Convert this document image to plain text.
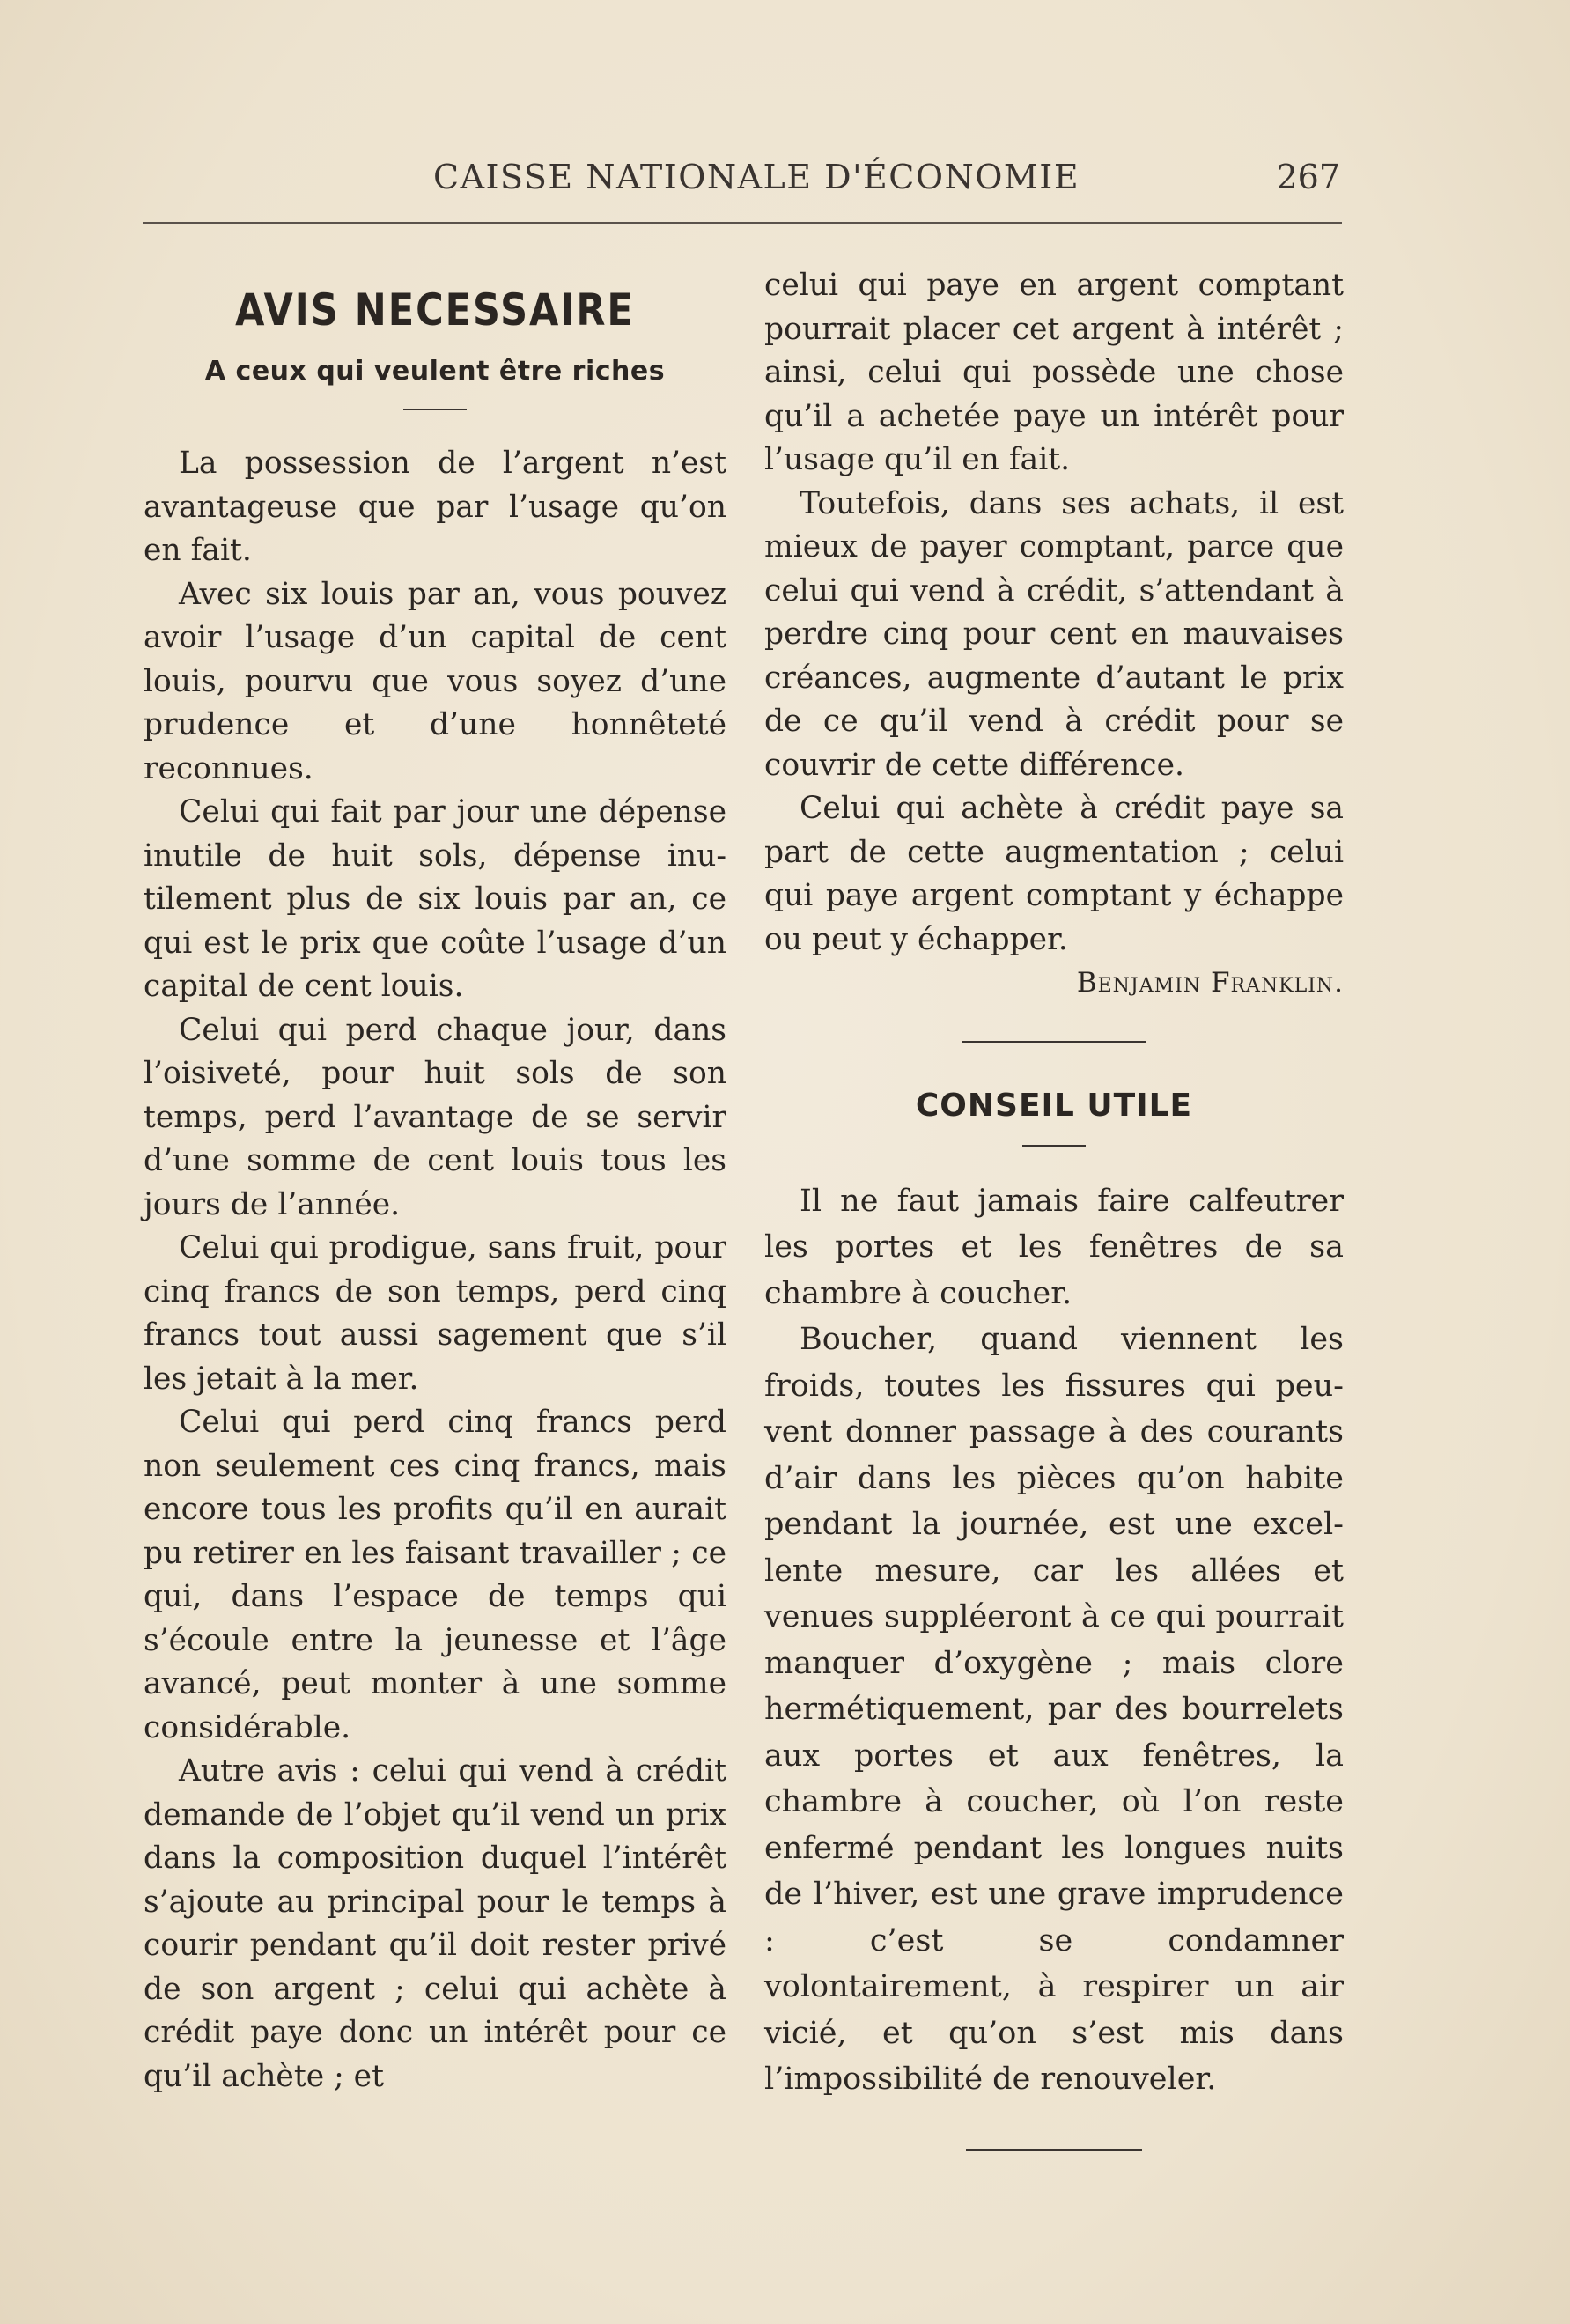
CAISSE NATIONALE D'ÉCONOMIE	267
AVIS NECESSAIRE
A ceux qui veulent être riches

La possession de l’argent n’est avantageuse que par l’usage qu’on en fait.

Avec six louis par an, vous pouvez avoir l’usage d’un capital de cent louis, pourvu que vous soyez d’une prudence et d’une honnêteté reconnues.

Celui qui fait par jour une dépense inutile de huit sols, dépense inutilement plus de six louis par an, ce qui est le prix que coûte l’usage d’un capital de cent louis.

Celui qui perd chaque jour, dans l’oisiveté, pour huit sols de son temps, perd l’avantage de se servir d’une somme de cent louis tous les jours de l’année.

Celui qui prodigue, sans fruit, pour cinq francs de son temps, perd cinq francs tout aussi sagement que s’il les jetait à la mer.

Celui qui perd cinq francs perd non seulement ces cinq francs, mais encore tous les profits qu’il en aurait pu retirer en les faisant travailler ; ce qui, dans l’espace de temps qui s’écoule entre la jeunesse et l’âge avancé, peut monter à une somme considérable.

Autre avis : celui qui vend à crédit demande de l’objet qu’il vend un prix dans la composition duquel l’intérêt s’ajoute au principal pour le temps à courir pendant qu’il doit rester privé de son argent ; celui qui achète à crédit paye donc un intérêt pour ce qu’il achète ; et

celui qui paye en argent comptant pourrait placer cet argent à intérêt ; ainsi, celui qui possède une chose qu’il a achetée paye un intérêt pour l’usage qu’il en fait.

Toutefois, dans ses achats, il est mieux de payer comptant, parce que celui qui vend à crédit, s’attendant à perdre cinq pour cent en mauvaises créances, augmente d’autant le prix de ce qu’il vend à crédit pour se couvrir de cette différence.

Celui qui achète à crédit paye sa part de cette augmentation ; celui qui paye argent comptant y échappe ou peut y échapper.

Benjamin Franklin.

CONSEIL UTILE

Il ne faut jamais faire calfeutrer les portes et les fenêtres de sa chambre à coucher.

Boucher, quand viennent les froids, toutes les fissures qui peuvent donner passage à des courants d’air dans les pièces qu’on habite pendant la journée, est une excellente mesure, car les allées et venues suppléeront à ce qui pourrait manquer d’oxygène ; mais clore hermétiquement, par des bourrelets aux portes et aux fenêtres, la chambre à coucher, où l’on reste enfermé pendant les longues nuits de l’hiver, est une grave imprudence : c’est se condamner volontairement, à respirer un air vicié, et qu’on s’est mis dans l’impossibilité de renouveler.
